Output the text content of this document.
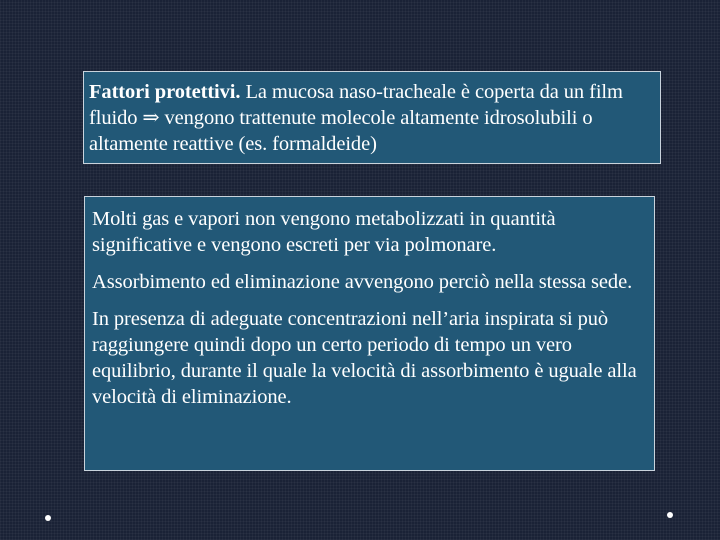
Fattori protettivi. La mucosa naso-tracheale è coperta da un film fluido ⇒ vengono trattenute molecole altamente idrosolubili o altamente reattive (es. formaldeide)

Molti gas e vapori non vengono metabolizzati in quantità significative e vengono escreti per via polmonare.

Assorbimento ed eliminazione avvengono perciò nella stessa sede.

In presenza di adeguate concentrazioni nell’aria inspirata si può raggiungere quindi dopo un certo periodo di tempo un vero equilibrio, durante il quale la velocità di assorbimento è uguale alla velocità di eliminazione.
